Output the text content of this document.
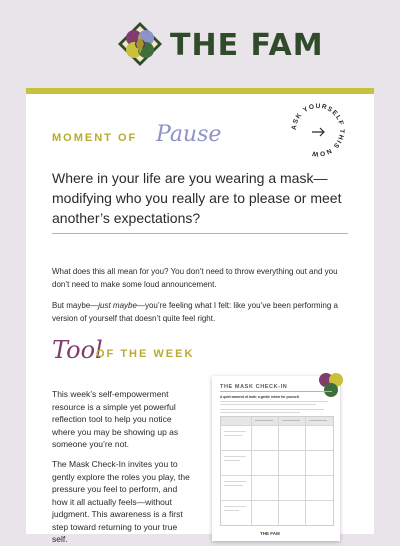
THE FAM
MOMENT OF Pause	ASK YOURSELF THIS NOW
Where in your life are you wearing a mask—modifying who you really are to please or meet another’s expectations?
What does this all mean for you? You don’t need to throw everything out and you don’t need to make some loud announcement.
But maybe—just maybe—you’re feeling what I felt: like you’ve been performing a version of yourself that doesn’t quite feel right.
Tool
OF THE WEEK
This week’s self-empowerment resource is a simple yet powerful reflection tool to help you notice where you may be showing up as someone you’re not.
The Mask Check-In invites you to gently explore the roles you play, the pressure you feel to perform, and how it all actually feels—without judgment. This awareness is a first step toward returning to your true self.
THE MASK CHECK-IN
A quiet moment of truth: a gentle mirror for yourself.
THE FAM
